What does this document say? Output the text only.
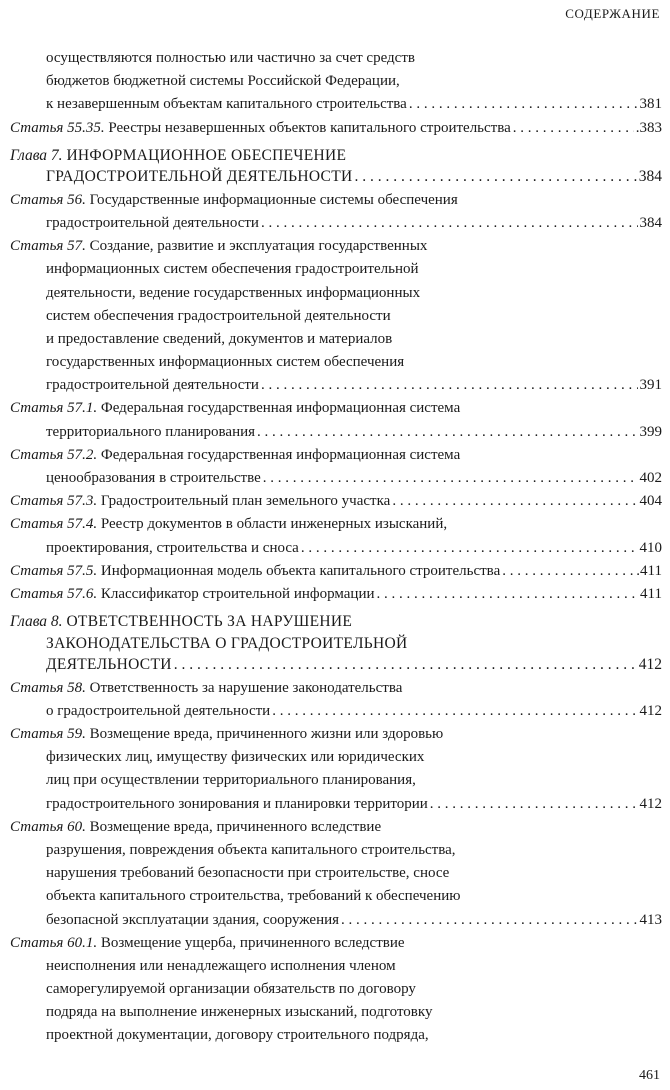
СОДЕРЖАНИЕ
осуществляются полностью или частично за счет средств
бюджетов бюджетной системы Российской Федерации,
к незавершенным объектам капитального строительства . . .	381
Статья 55.35.
Реестры незавершенных объектов капитального строительства . . .	.383
Глава 7.
ИНФОРМАЦИОННОЕ ОБЕСПЕЧЕНИЕ
ГРАДОСТРОИТЕЛЬНОЙ ДЕЯТЕЛЬНОСТИ . . .	384
Статья 56.
Государственные информационные системы обеспечения
градостроительной деятельности . . .	384
Статья 57.
Создание, развитие и эксплуатация государственных
информационных систем обеспечения градостроительной
деятельности, ведение государственных информационных
систем обеспечения градостроительной деятельности
и предоставление сведений, документов и материалов
государственных информационных систем обеспечения
градостроительной деятельности . . .	391
Статья 57.1.
Федеральная государственная информационная система
территориального планирования . . .	399
Статья 57.2.
Федеральная государственная информационная система
ценообразования в строительстве . . .	402
Статья 57.3.
Градостроительный план земельного участка . . .	404
Статья 57.4.
Реестр документов в области инженерных изысканий,
проектирования, строительства и сноса . . .	410
Статья 57.5.
Информационная модель объекта капитального строительства . . .	.411
Статья 57.6.
Классификатор строительной информации . . .	411
Глава 8.
ОТВЕТСТВЕННОСТЬ ЗА НАРУШЕНИЕ
ЗАКОНОДАТЕЛЬСТВА О ГРАДОСТРОИТЕЛЬНОЙ
ДЕЯТЕЛЬНОСТИ . . .	412
Статья 58.
Ответственность за нарушение законодательства
о градостроительной деятельности . . .	412
Статья 59.
Возмещение вреда, причиненного жизни или здоровью
физических лиц, имуществу физических или юридических
лиц при осуществлении территориального планирования,
градостроительного зонирования и планировки территории . . .	412
Статья 60.
Возмещение вреда, причиненного вследствие
разрушения, повреждения объекта капитального строительства,
нарушения требований безопасности при строительстве, сносе
объекта капитального строительства, требований к обеспечению
безопасной эксплуатации здания, сооружения . . .	413
Статья 60.1.
Возмещение ущерба, причиненного вследствие
неисполнения или ненадлежащего исполнения членом
саморегулируемой организации обязательств по договору
подряда на выполнение инженерных изысканий, подготовку
проектной документации, договору строительного подряда,
461
